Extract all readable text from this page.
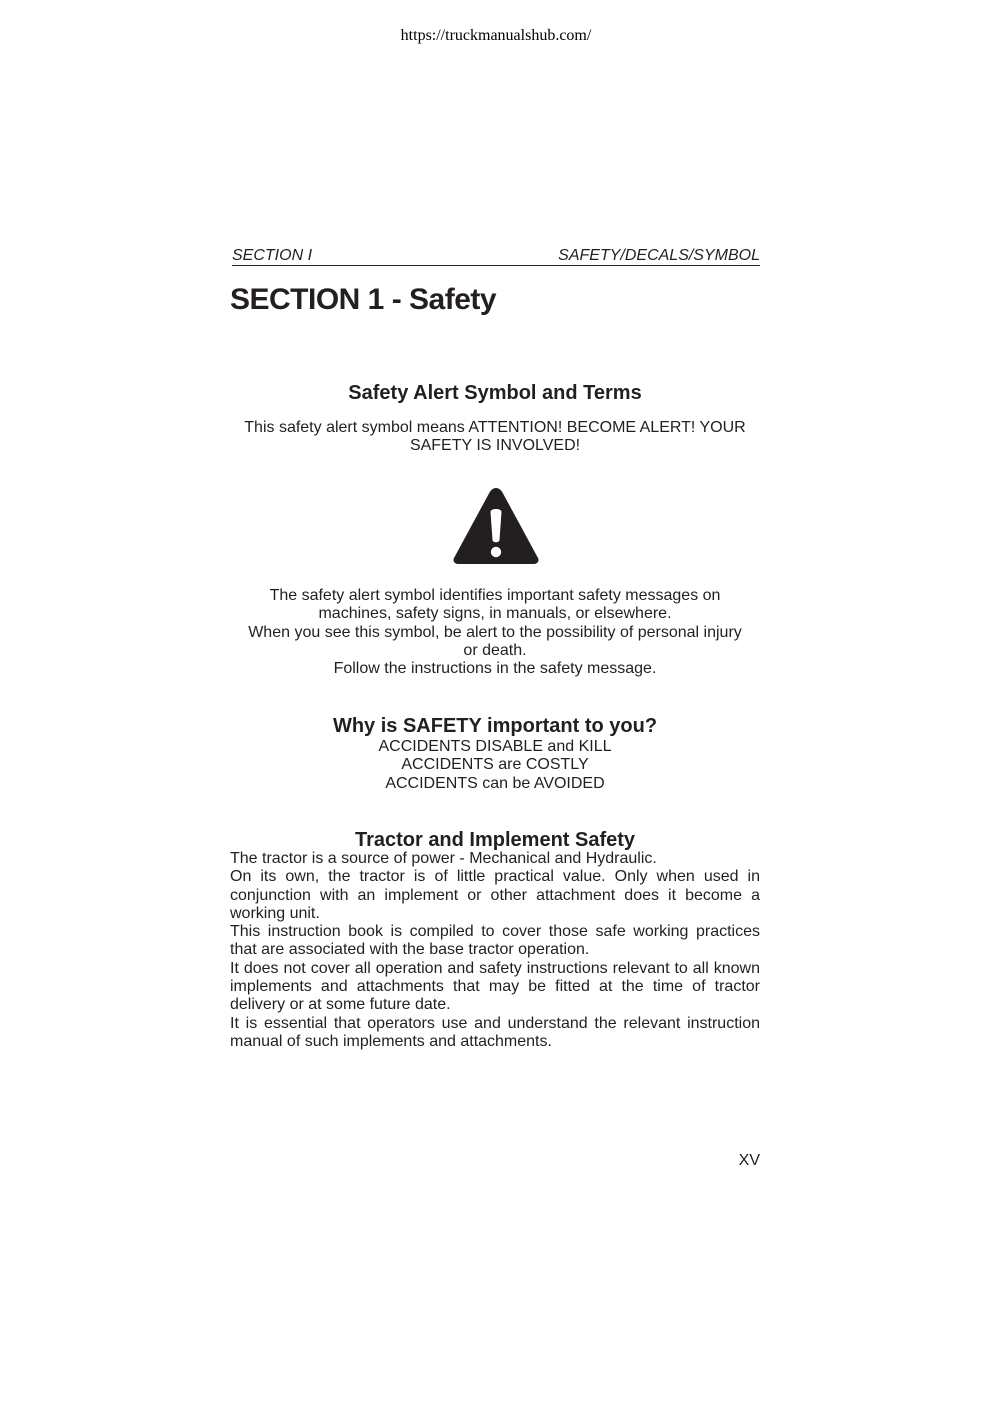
https://truckmanualshub.com/
SECTION I	SAFETY/DECALS/SYMBOL
SECTION 1 - Safety
Safety Alert Symbol and Terms

This safety alert symbol means ATTENTION! BECOME ALERT! YOUR

SAFETY IS INVOLVED!

The safety alert symbol identifies important safety messages on

machines, safety signs, in manuals, or elsewhere.

When you see this symbol, be alert to the possibility of personal injury

or death.

Follow the instructions in the safety message.

Why is SAFETY important to you?

ACCIDENTS DISABLE and KILL

ACCIDENTS are COSTLY

ACCIDENTS can be AVOIDED

Tractor and Implement Safety

The tractor is a source of power - Mechanical and Hydraulic.

On its own, the tractor is of little practical value. Only when used in conjunction with an implement or other attachment does it become a working unit.

This instruction book is compiled to cover those safe working practices that are associated with the base tractor operation.

It does not cover all operation and safety instructions relevant to all known implements and attachments that may be fitted at the time of tractor delivery or at some future date.

It is essential that operators use and understand the relevant instruction manual of such implements and attachments.

XV
